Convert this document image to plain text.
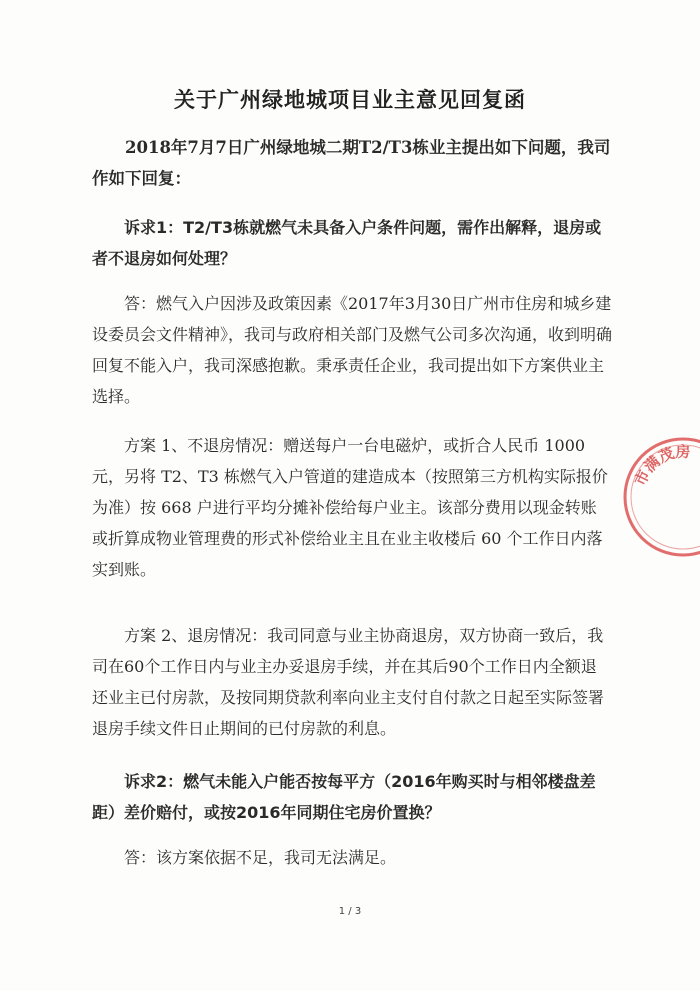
关于广州绿地城项目业主意见回复函
2018年7月7日广州绿地城二期T2/T3栋业主提出如下问题，我司作如下回复：
诉求1：T2/T3栋就燃气未具备入户条件问题，需作出解释，退房或者不退房如何处理？
答：燃气入户因涉及政策因素《2017年3月30日广州市住房和城乡建设委员会文件精神》，我司与政府相关部门及燃气公司多次沟通，收到明确回复不能入户，我司深感抱歉。秉承责任企业，我司提出如下方案供业主选择。
方案 1、不退房情况：赠送每户一台电磁炉，或折合人民币 1000 元，另将 T2、T3 栋燃气入户管道的建造成本（按照第三方机构实际报价为准）按 668 户进行平均分摊补偿给每户业主。该部分费用以现金转账或折算成物业管理费的形式补偿给业主且在业主收楼后 60 个工作日内落实到账。
方案 2、退房情况：我司同意与业主协商退房，双方协商一致后，我司在60个工作日内与业主办妥退房手续，并在其后90个工作日内全额退还业主已付房款，及按同期贷款利率向业主支付自付款之日起至实际签署退房手续文件日止期间的已付房款的利息。
诉求2：燃气未能入户能否按每平方（2016年购买时与相邻楼盘差距）差价赔付，或按2016年同期住宅房价置换？
答：该方案依据不足，我司无法满足。
1 / 3
市满茂房
